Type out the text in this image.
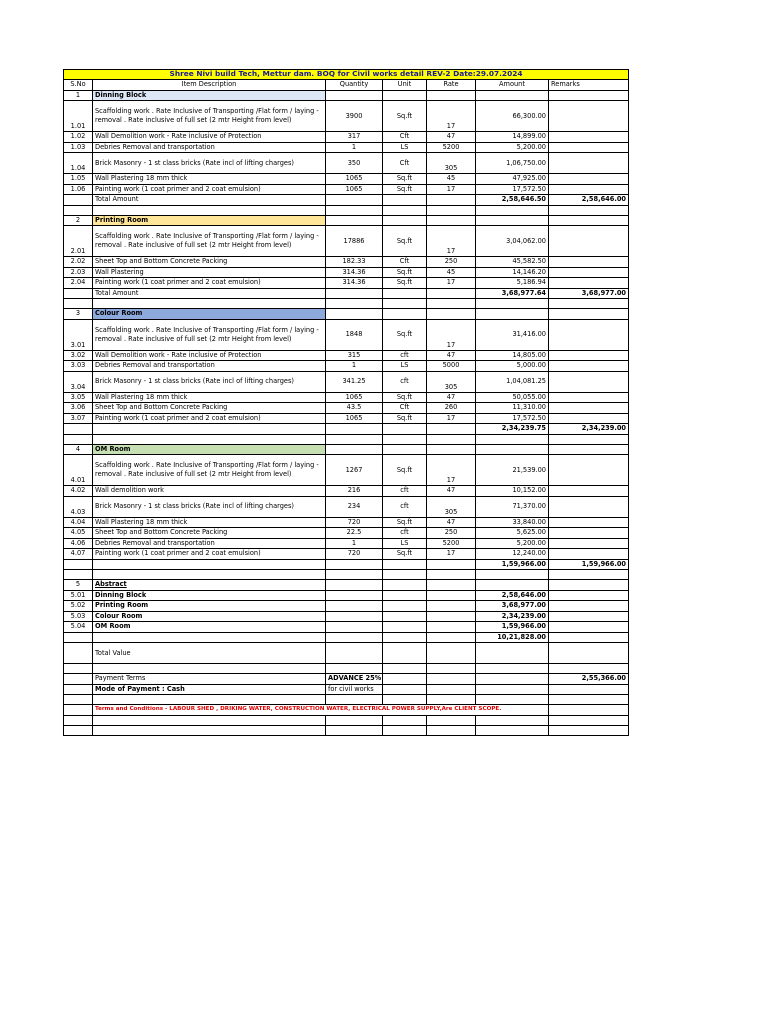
Shree Nivi build Tech, Mettur dam. BOQ for Civil works detail REV-2 Date:29.07.2024						
S.No	Item Description	Quantity	Unit	Rate	Amount	Remarks
1	Dinning Block					
1.01	Scaffolding work . Rate Inclusive of Transporting /Flat form / laying -removal . Rate inclusive of full set (2 mtr Height from level)	3900	Sq.ft	17	66,300.00	
1.02	Wall Demolition work - Rate inclusive of Protection	317	Cft	47	14,899.00	
1.03	Debries Removal and transportation	1	LS	5200	5,200.00	
1.04	Brick Masonry - 1 st class bricks (Rate incl of lifting charges)	350	Cft	305	1,06,750.00	
1.05	Wall Plastering 18 mm thick	1065	Sq.ft	45	47,925.00	
1.06	Painting work (1 coat primer and 2 coat emulsion)	1065	Sq.ft	17	17,572.50	
	Total Amount				2,58,646.50	2,58,646.00

2	Printing Room					
2.01	Scaffolding work . Rate Inclusive of Transporting /Flat form / laying -removal . Rate inclusive of full set (2 mtr Height from level)	17886	Sq.ft	17	3,04,062.00	
2.02	Sheet Top and Bottom Concrete Packing	182.33	Cft	250	45,582.50	
2.03	Wall Plastering	314.36	Sq.ft	45	14,146.20	
2.04	Painting work (1 coat primer and 2 coat emulsion)	314.36	Sq.ft	17	5,186.94	
	Total Amount				3,68,977.64	3,68,977.00

3	Colour Room					
3.01	Scaffolding work . Rate Inclusive of Transporting /Flat form / laying -removal . Rate inclusive of full set (2 mtr Height from level)	1848	Sq.ft	17	31,416.00	
3.02	Wall Demolition work - Rate inclusive of Protection	315	cft	47	14,805.00	
3.03	Debries Removal and transportation	1	LS	5000	5,000.00	
3.04	Brick Masonry - 1 st class bricks (Rate incl of lifting charges)	341.25	cft	305	1,04,081.25	
3.05	Wall Plastering 18 mm thick	1065	Sq.ft	47	50,055.00	
3.06	Sheet Top and Bottom Concrete Packing	43.5	Cft	260	11,310.00	
3.07	Painting work (1 coat primer and 2 coat emulsion)	1065	Sq.ft	17	17,572.50	
					2,34,239.75	2,34,239.00

4	OM Room					
4.01	Scaffolding work . Rate Inclusive of Transporting /Flat form / laying -removal . Rate inclusive of full set (2 mtr Height from level)	1267	Sq.ft	17	21,539.00	
4.02	Wall demolition work	216	cft	47	10,152.00	
4.03	Brick Masonry - 1 st class bricks (Rate incl of lifting charges)	234	cft	305	71,370.00	
4.04	Wall Plastering 18 mm thick	720	Sq.ft	47	33,840.00	
4.05	Sheet Top and Bottom Concrete Packing	22.5	cft	250	5,625.00	
4.06	Debries Removal and transportation	1	LS	5200	5,200.00	
4.07	Painting work (1 coat primer and 2 coat emulsion)	720	Sq.ft	17	12,240.00	
					1,59,966.00	1,59,966.00

5	Abstract					
5.01	Dinning Block				2,58,646.00	
5.02	Printing Room				3,68,977.00	
5.03	Colour Room				2,34,239.00	
5.04	OM Room				1,59,966.00	
					10,21,828.00	
	Total Value					

	Payment Terms	ADVANCE 25%				2,55,366.00
	Mode of Payment : Cash	for civil works				

	Terms and Conditions - LABOUR SHED , DRIKING WATER, CONSTRUCTION WATER, ELECTRICAL POWER SUPPLY,Are CLIENT SCOPE.					
